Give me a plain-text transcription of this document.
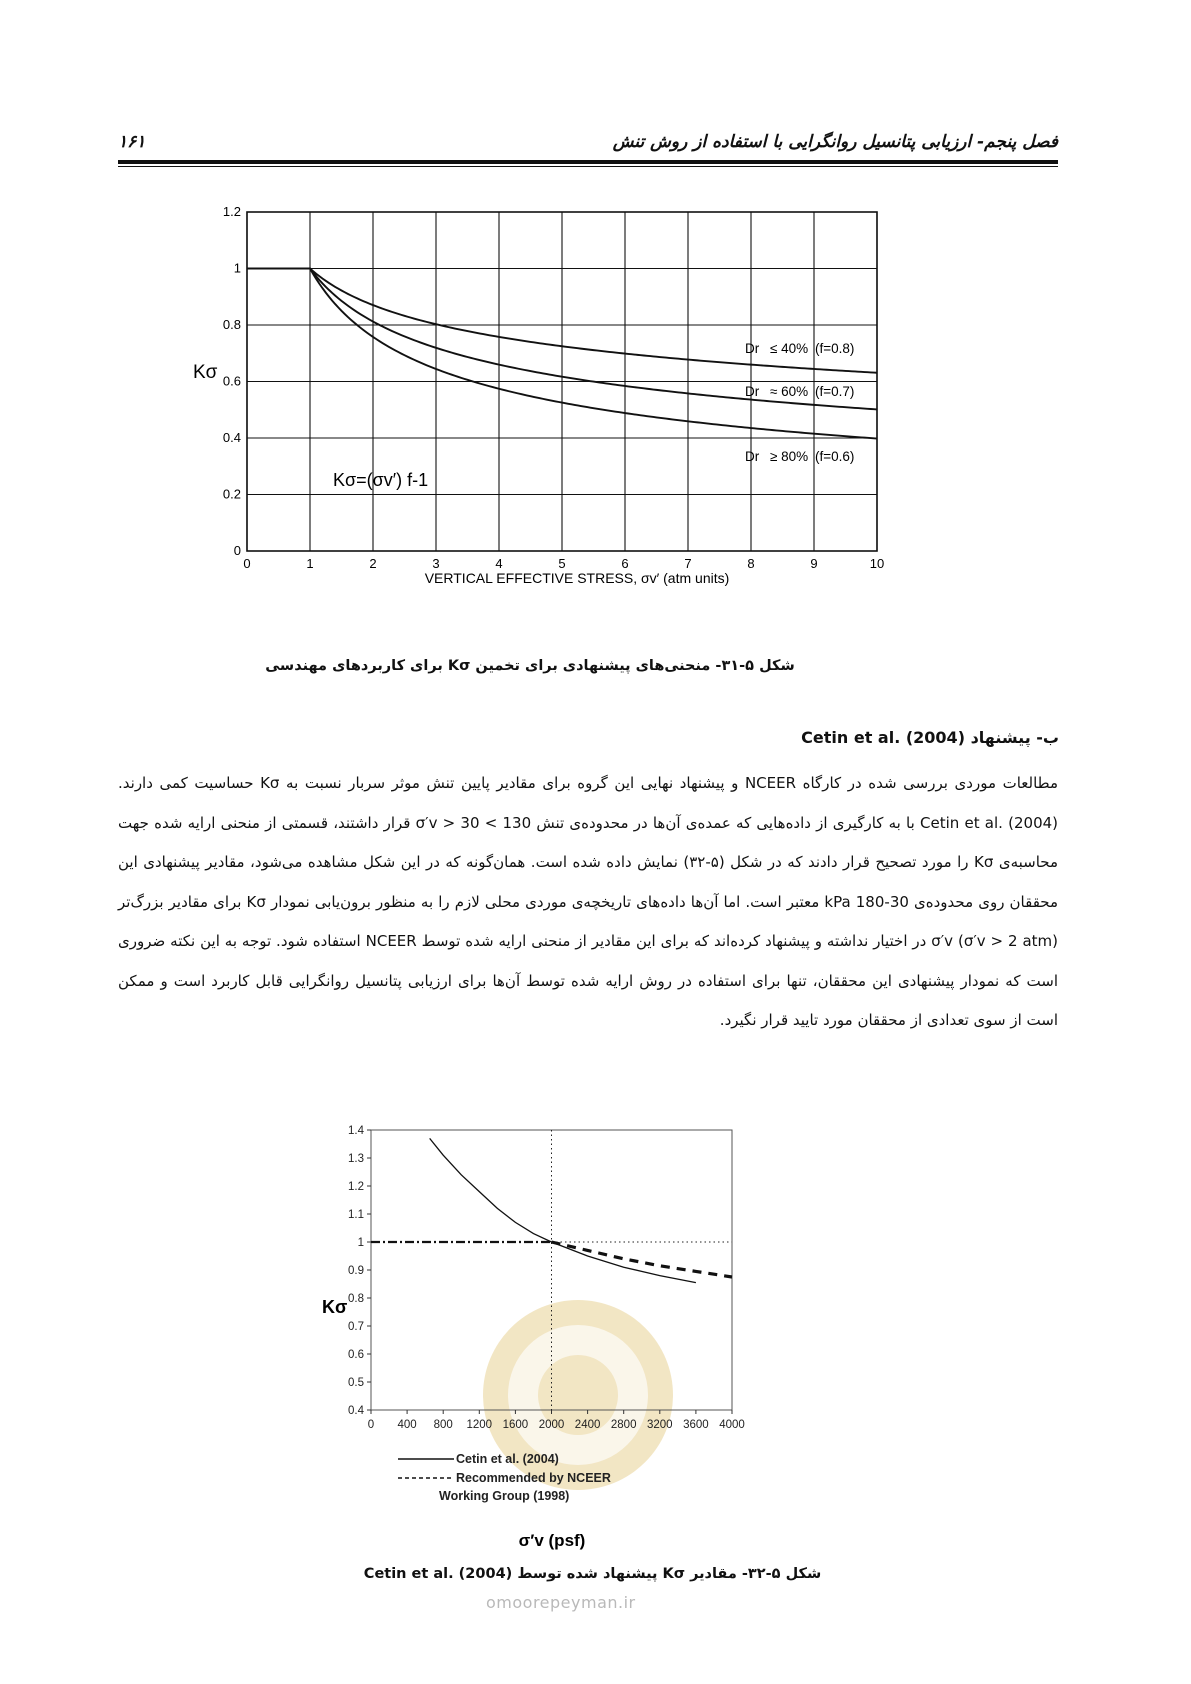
فصل پنجم- ارزیابی پتانسیل روانگرایی با استفاده از روش تنش
۱۶۱
0	1	2	3	4	5	6	7	8	9	10
0
0.2
0.4
0.6
0.8
1
1.2
Kσ
Kσ=(σv′) f-1
VERTICAL EFFECTIVE STRESS, σv′ (atm units)
Dr ≤ 40% (f=0.8)
Dr ≈ 60% (f=0.7)
Dr ≥ 80% (f=0.6)
شکل ۵-۳۱- منحنی‌های پیشنهادی برای تخمین Kσ برای کاربردهای مهندسی
ب- پیشنهاد Cetin et al. (2004)
مطالعات موردی بررسی شده در کارگاه NCEER و پیشنهاد نهایی این گروه برای مقادیر پایین تنش موثر سربار نسبت به Kσ حساسیت کمی دارند. Cetin et al. (2004) با به کارگیری از داده‌هایی که عمده‌ی آن‌ها در محدوده‌ی تنش 130 > σ′v > 30 قرار داشتند، قسمتی از منحنی ارایه شده جهت محاسبه‌ی Kσ را مورد تصحیح قرار دادند که در شکل (۵-۳۲) نمایش داده شده است. همان‌گونه که در این شکل مشاهده می‌شود، مقادیر پیشنهادی این محققان روی محدوده‌ی 30-180 kPa معتبر است. اما آن‌ها داده‌های تاریخچه‌ی موردی محلی لازم را به منظور برون‌یابی نمودار Kσ برای مقادیر بزرگ‌تر σ′v (σ′v > 2 atm) در اختیار نداشته و پیشنهاد کرده‌اند که برای این مقادیر از منحنی ارایه شده توسط NCEER استفاده شود. توجه به این نکته ضروری است که نمودار پیشنهادی این محققان، تنها برای استفاده در روش ارایه شده توسط آن‌ها برای ارزیابی پتانسیل روانگرایی قابل کاربرد است و ممکن است از سوی تعدادی از محققان مورد تایید قرار نگیرد.
0 400 800 1200 1600 2000 2400 2800 3200 3600 4000
0.4
0.5
0.6
0.7
0.8
0.9
1
1.1
1.2
1.3
1.4
Kσ
σ′v (psf)
Cetin et al. (2004)
Recommended by NCEER
Working Group (1998)
شکل ۵-۳۲- مقادیر Kσ پیشنهاد شده توسط Cetin et al. (2004)
omoorepeyman.ir
